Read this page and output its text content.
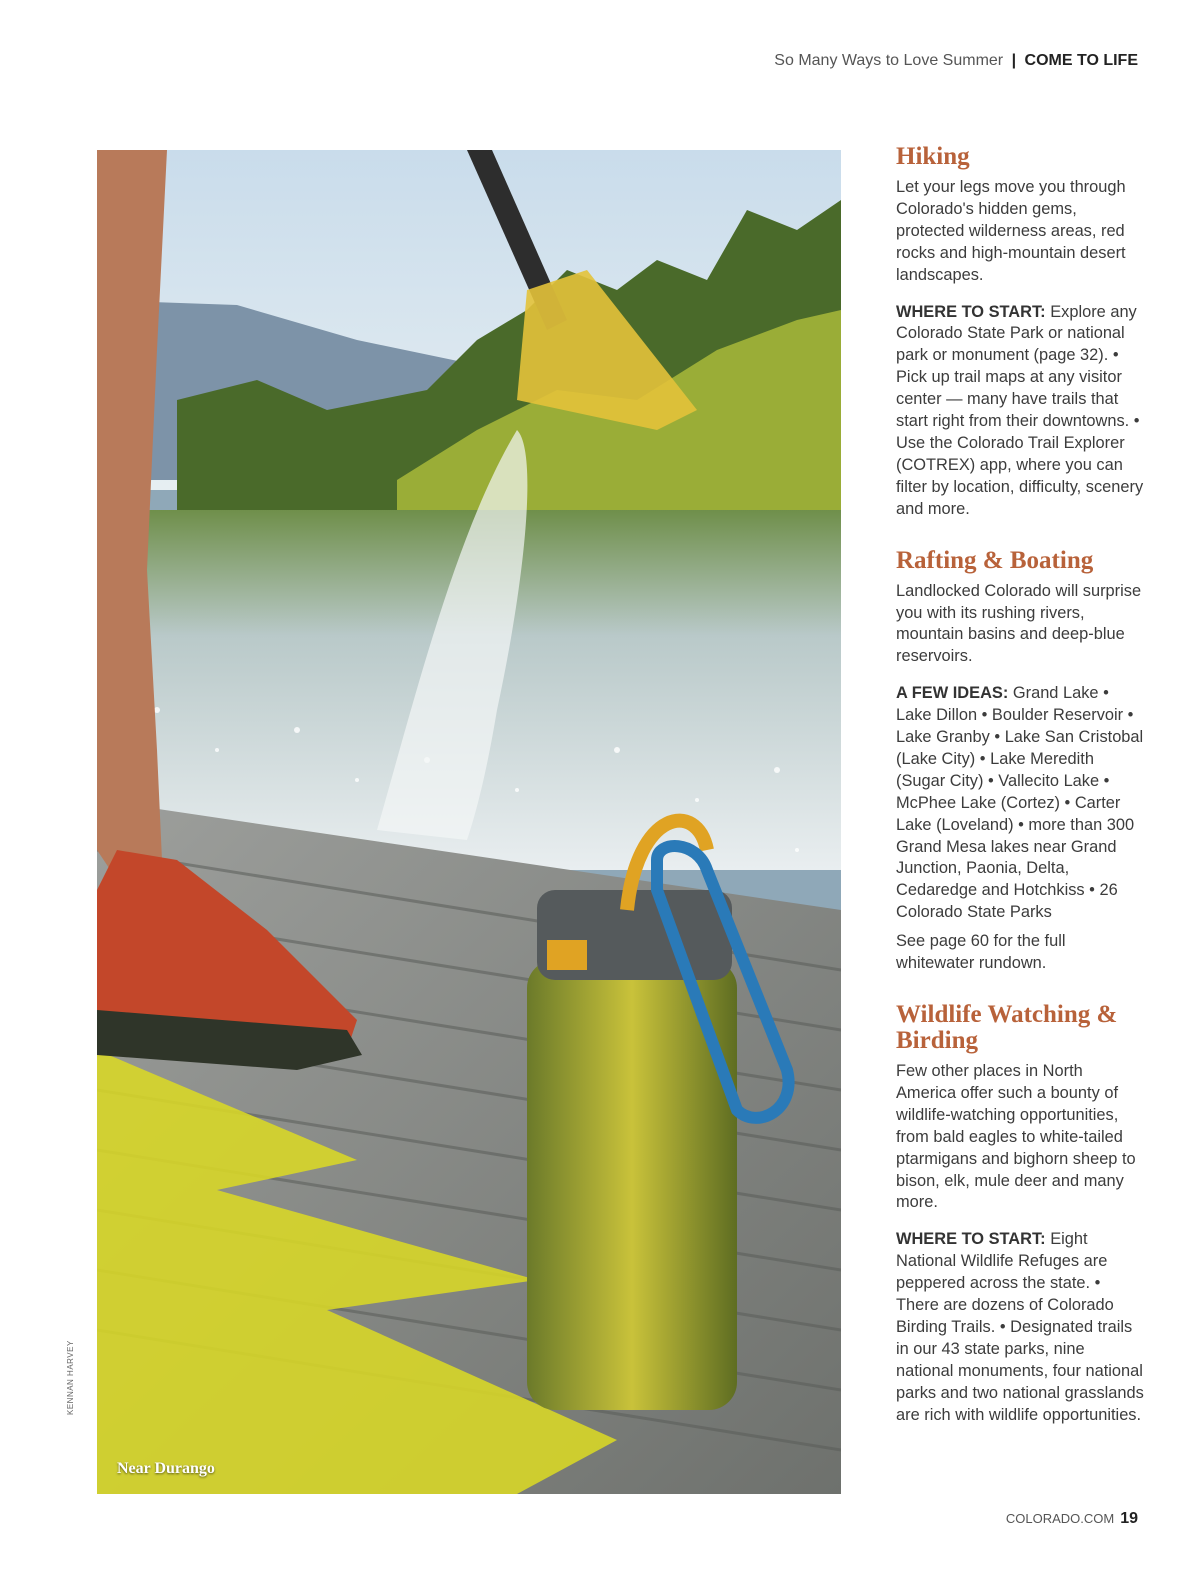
So Many Ways to Love Summer | COME TO LIFE
Near Durango
KENNAN HARVEY
Hiking

Let your legs move you through Colorado's hidden gems, protected wilderness areas, red rocks and high-mountain desert landscapes.

WHERE TO START: Explore any Colorado State Park or national park or monument (page 32). • Pick up trail maps at any visitor center — many have trails that start right from their downtowns. • Use the Colorado Trail Explorer (COTREX) app, where you can filter by location, difficulty, scenery and more.

Rafting & Boating

Landlocked Colorado will surprise you with its rushing rivers, mountain basins and deep-blue reservoirs.

A FEW IDEAS: Grand Lake • Lake Dillon • Boulder Reservoir • Lake Granby • Lake San Cristobal (Lake City) • Lake Meredith (Sugar City) • Vallecito Lake • McPhee Lake (Cortez) • Carter Lake (Loveland) • more than 300 Grand Mesa lakes near Grand Junction, Paonia, Delta, Cedaredge and Hotchkiss • 26 Colorado State Parks

See page 60 for the full whitewater rundown.

Wildlife Watching & Birding

Few other places in North America offer such a bounty of wildlife-watching opportunities, from bald eagles to white-tailed ptarmigans and bighorn sheep to bison, elk, mule deer and many more.

WHERE TO START: Eight National Wildlife Refuges are peppered across the state. • There are dozens of Colorado Birding Trails. • Designated trails in our 43 state parks, nine national monuments, four national parks and two national grasslands are rich with wildlife opportunities.

COLORADO.COM 19
